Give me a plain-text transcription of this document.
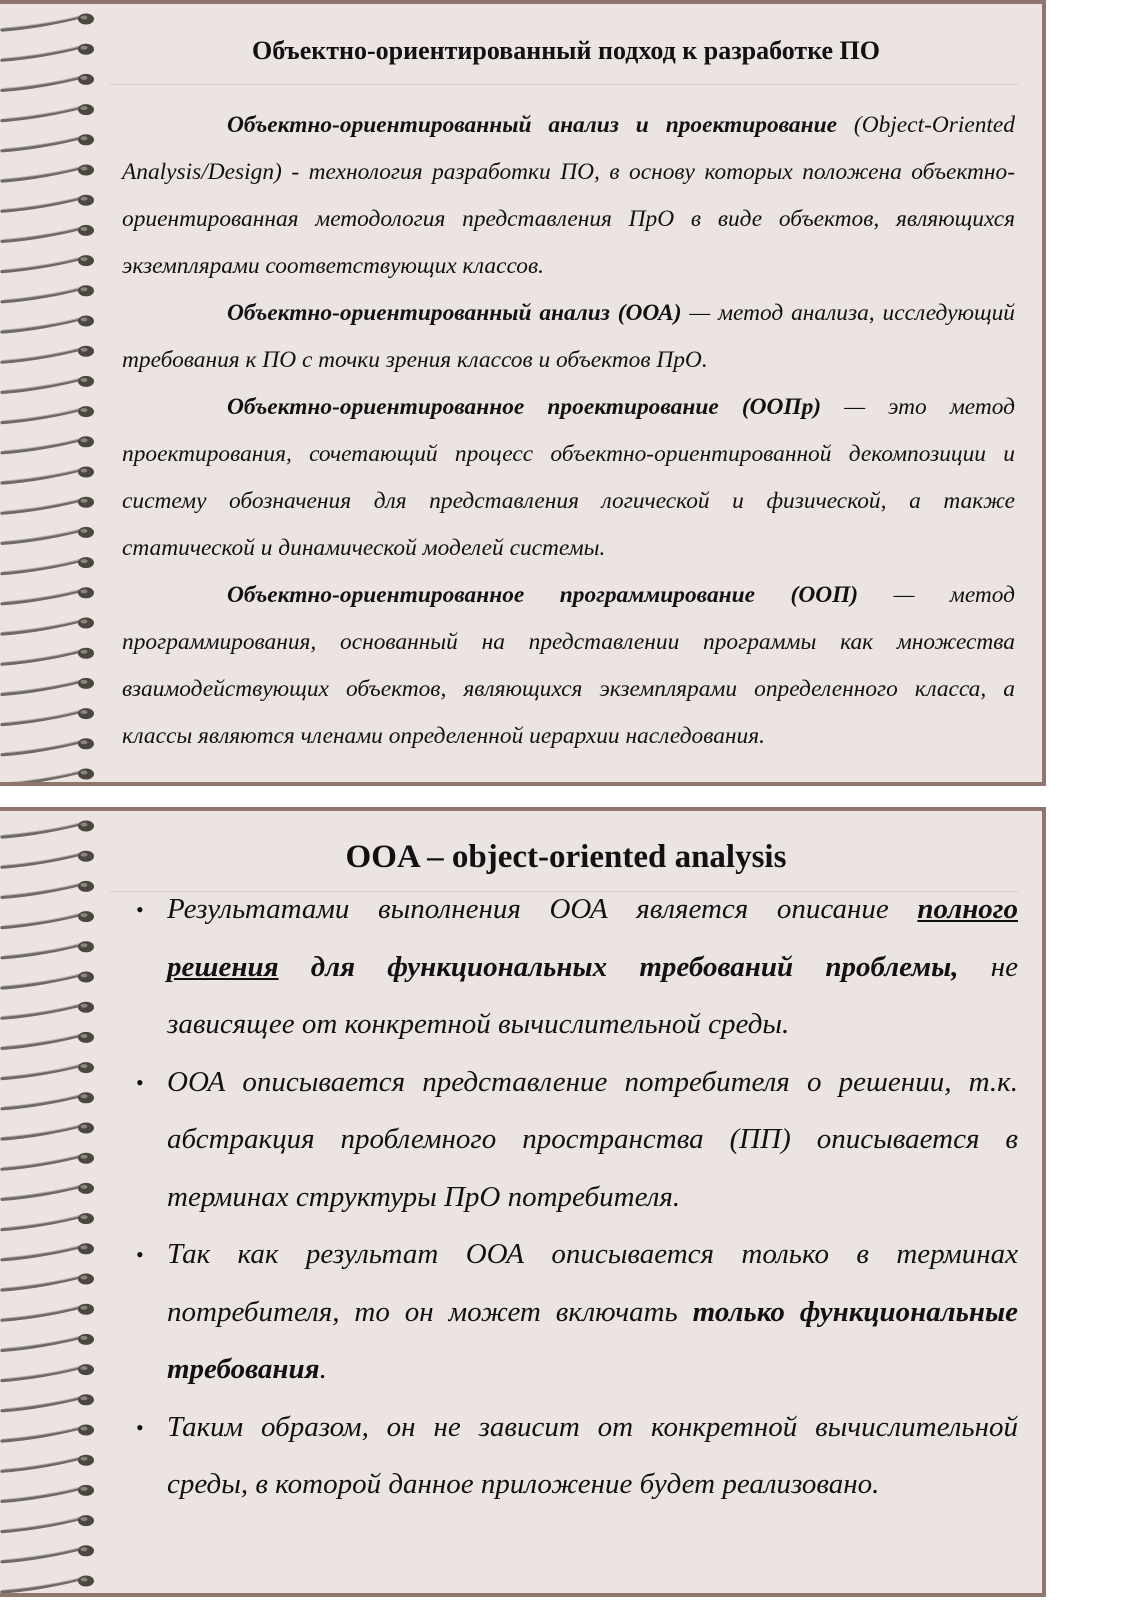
Объектно-ориентированный подход к разработке ПО

Объектно-ориентированный анализ и проектирование (Object-Oriented Analysis/Design) - технология разработки ПО, в основу которых положена объектно-ориентированная методология представления ПрО в виде объектов, являющихся экземплярами соответствующих классов.

Объектно-ориентированный анализ (ООА) — метод анализа, исследующий требования к ПО с точки зрения классов и объектов ПрО.

Объектно-ориентированное проектирование (ООПр) — это метод проектирования, сочетающий процесс объектно-ориентированной декомпозиции и систему обозначения для представления логической и физической, а также статической и динамической моделей системы.

Объектно-ориентированное программирование (ООП) — метод программирования, основанный на представлении программы как множества взаимодействующих объектов, являющихся экземплярами определенного класса, а классы являются членами определенной иерархии наследования.

OOA – object-oriented analysis
• Результатами выполнения ООА является описание полного решения для функциональных требований проблемы, не зависящее от конкретной вычислительной среды.
• ООА описывается представление потребителя о решении, т.к. абстракция проблемного пространства (ПП) описывается в терминах структуры ПрО потребителя.
• Так как результат ООА описывается только в терминах потребителя, то он может включать только функциональные требования.
• Таким образом, он не зависит от конкретной вычислительной среды, в которой данное приложение будет реализовано.
